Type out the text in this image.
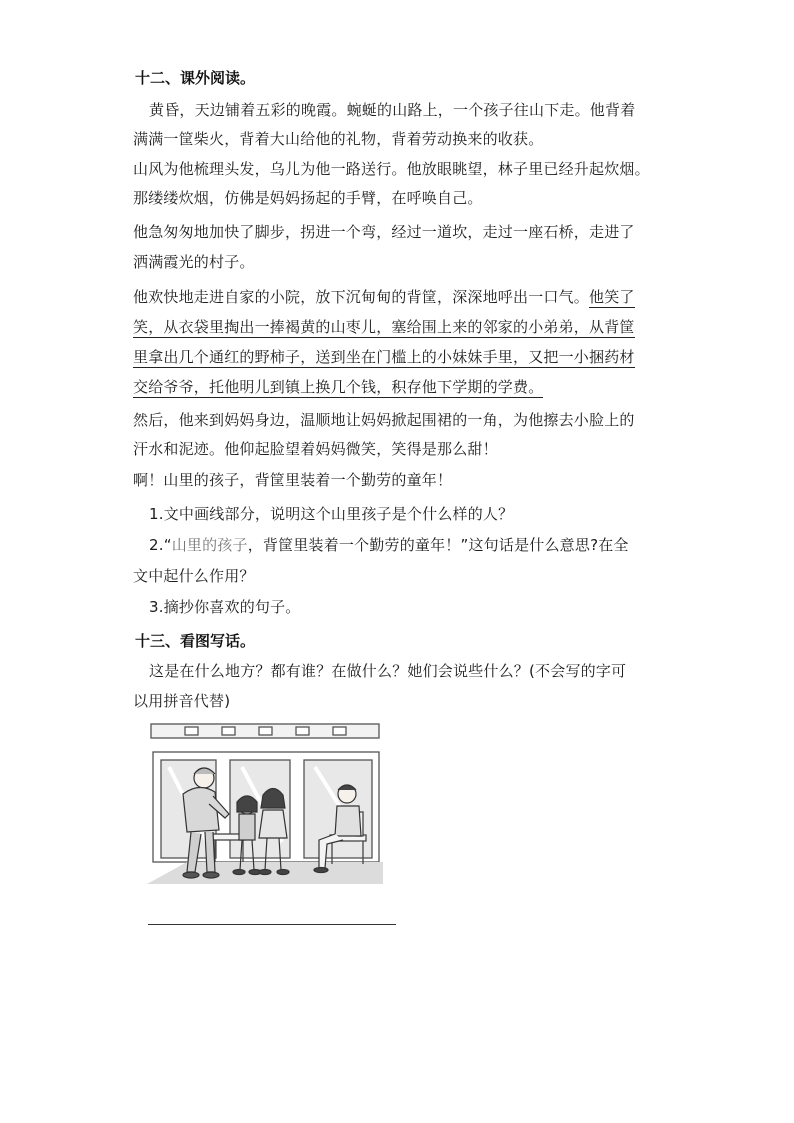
十二、课外阅读。
黄昏，天边铺着五彩的晚霞。蜿蜒的山路上，一个孩子往山下走。他背着
满满一筐柴火，背着大山给他的礼物，背着劳动换来的收获。
山风为他梳理头发，乌儿为他一路送行。他放眼眺望，林子里已经升起炊烟。
那缕缕炊烟，仿佛是妈妈扬起的手臂，在呼唤自己。
他急匆匆地加快了脚步，拐进一个弯，经过一道坎，走过一座石桥，走进了
洒满霞光的村子。
他欢快地走进自家的小院，放下沉甸甸的背筐，深深地呼出一口气。他笑了
笑，从衣袋里掏出一捧褐黄的山枣儿，塞给围上来的邻家的小弟弟，从背筐
里拿出几个通红的野柿子，送到坐在门槛上的小妹妹手里，又把一小捆药材
交给爷爷，托他明儿到镇上换几个钱，积存他下学期的学费。
然后，他来到妈妈身边，温顺地让妈妈掀起围裙的一角，为他擦去小脸上的
汗水和泥迹。他仰起脸望着妈妈微笑，笑得是那么甜！
啊！山里的孩子，背筐里装着一个勤劳的童年！
1.文中画线部分，说明这个山里孩子是个什么样的人？
2.“山里的孩子，背筐里装着一个勤劳的童年！”这句话是什么意思?在全
文中起什么作用？
3.摘抄你喜欢的句子。
十三、看图写话。
这是在什么地方？都有谁？在做什么？她们会说些什么？(不会写的字可
以用拼音代替)
